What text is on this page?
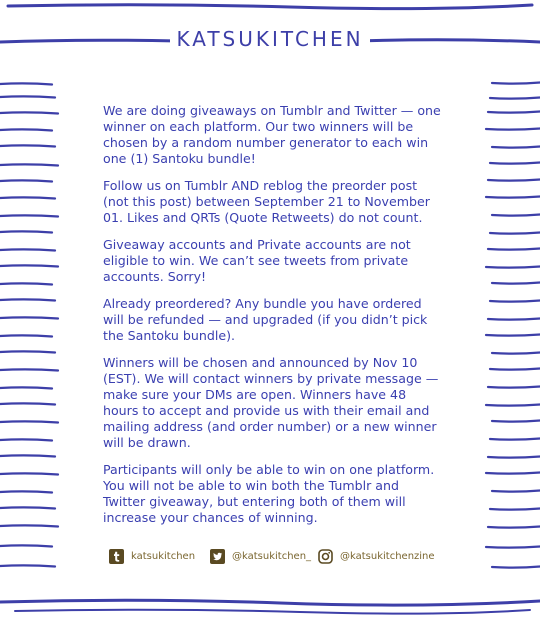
KATSUKITCHEN

We are doing giveaways on Tumblr and Twitter — one winner on each platform. Our two winners will be chosen by a random number generator to each win one (1) Santoku bundle!

Follow us on Tumblr AND reblog the preorder post (not this post) between September 21 to November 01. Likes and QRTs (Quote Retweets) do not count.

Giveaway accounts and Private accounts are not eligible to win. We can’t see tweets from private accounts. Sorry!

Already preordered? Any bundle you have ordered will be refunded — and upgraded (if you didn’t pick the Santoku bundle).

Winners will be chosen and announced by Nov 10 (EST). We will contact winners by private message — make sure your DMs are open. Winners have 48 hours to accept and provide us with their email and mailing address (and order number) or a new winner will be drawn.

Participants will only be able to win on one platform. You will not be able to win both the Tumblr and Twitter giveaway, but entering both of them will increase your chances of winning.

katsukitchen	@katsukitchen_	@katsukitchenzine
